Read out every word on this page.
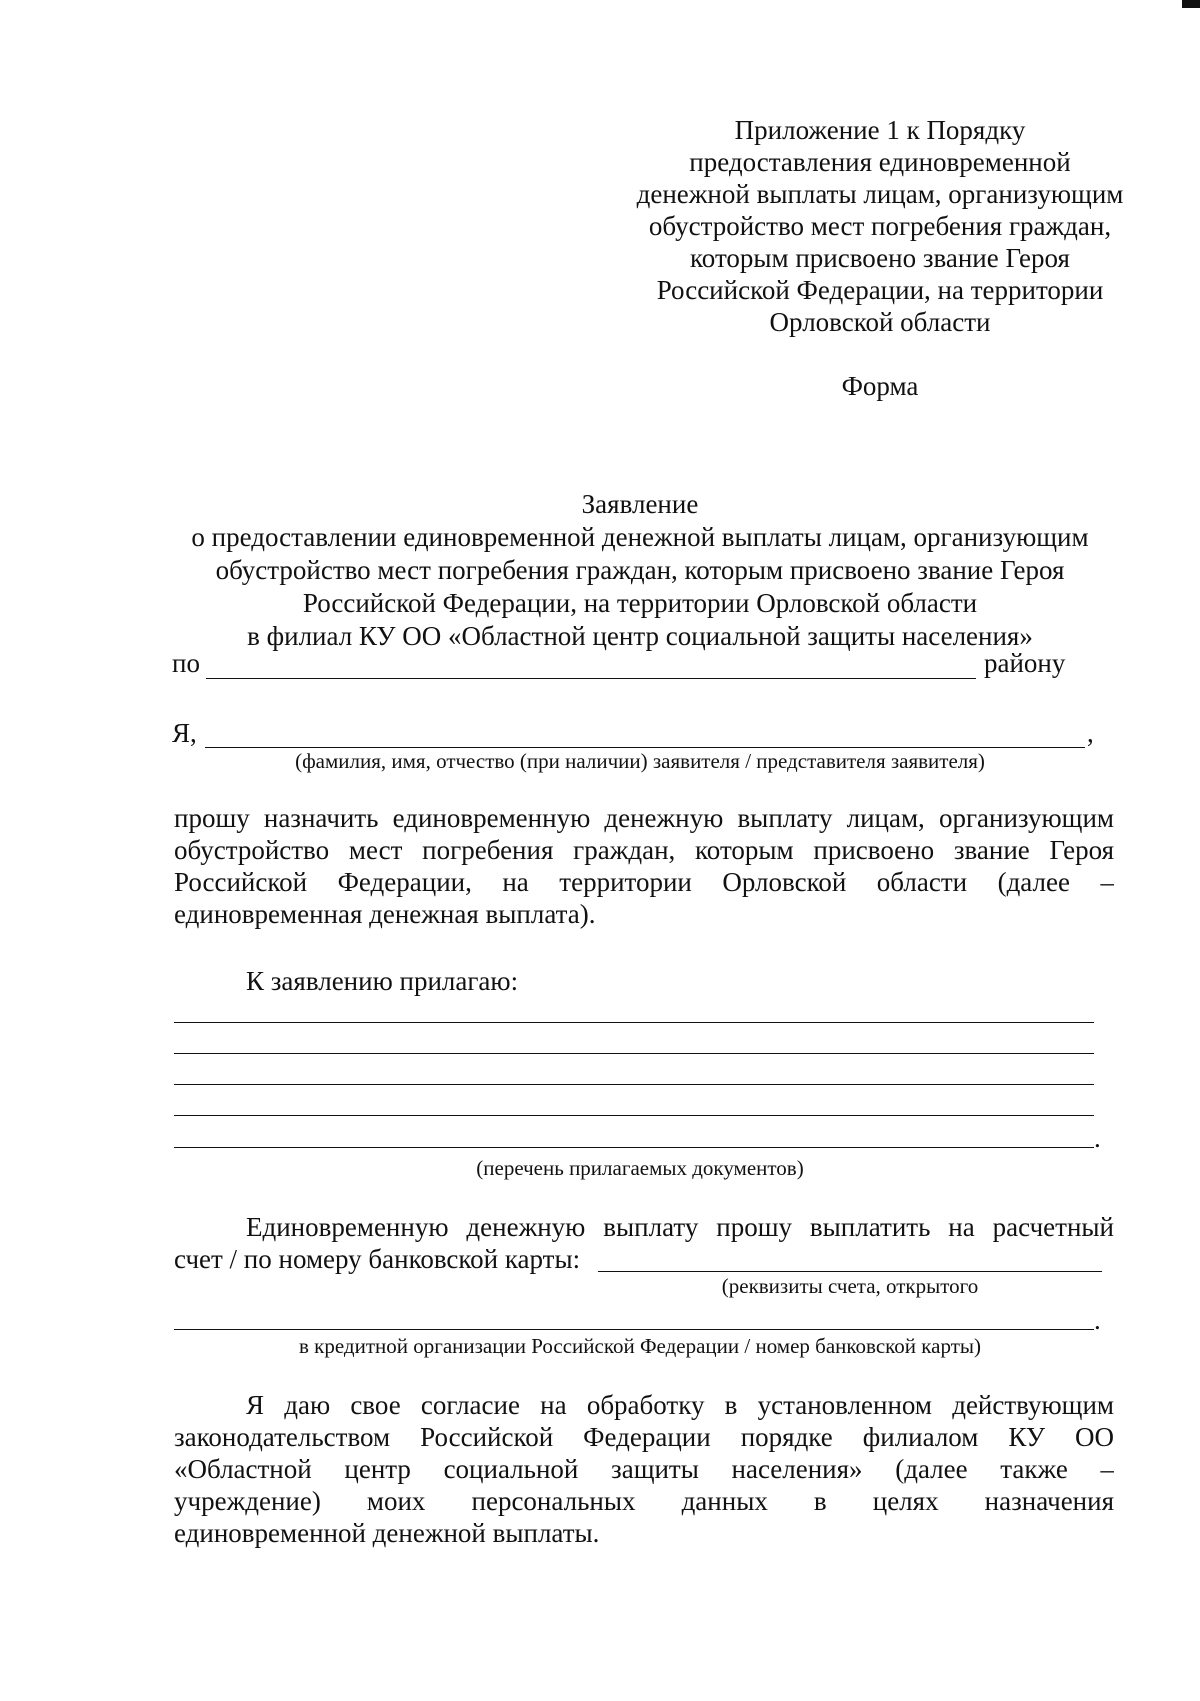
Приложение 1 к Порядку
предоставления единовременной
денежной выплаты лицам, организующим
обустройство мест погребения граждан,
которым присвоено звание Героя
Российской Федерации, на территории
Орловской области
Форма
Заявление
о предоставлении единовременной денежной выплаты лицам, организующим
обустройство мест погребения граждан, которым присвоено звание Героя
Российской Федерации, на территории Орловской области
в филиал КУ ОО «Областной центр социальной защиты населения»
по	району
Я,	,
(фамилия, имя, отчество (при наличии) заявителя / представителя заявителя)
прошу назначить единовременную денежную выплату лицам, организующим
обустройство мест погребения граждан, которым присвоено звание Героя
Российской Федерации, на территории Орловской области (далее –
единовременная денежная выплата).
К заявлению прилагаю:
.
(перечень прилагаемых документов)
Единовременную денежную выплату прошу выплатить на расчетный
счет / по номеру банковской карты:
(реквизиты счета, открытого
.
в кредитной организации Российской Федерации / номер банковской карты)
Я даю свое согласие на обработку в установленном действующим
законодательством Российской Федерации порядке филиалом КУ ОО
«Областной центр социальной защиты населения» (далее также –
учреждение) моих персональных данных в целях назначения
единовременной денежной выплаты.
